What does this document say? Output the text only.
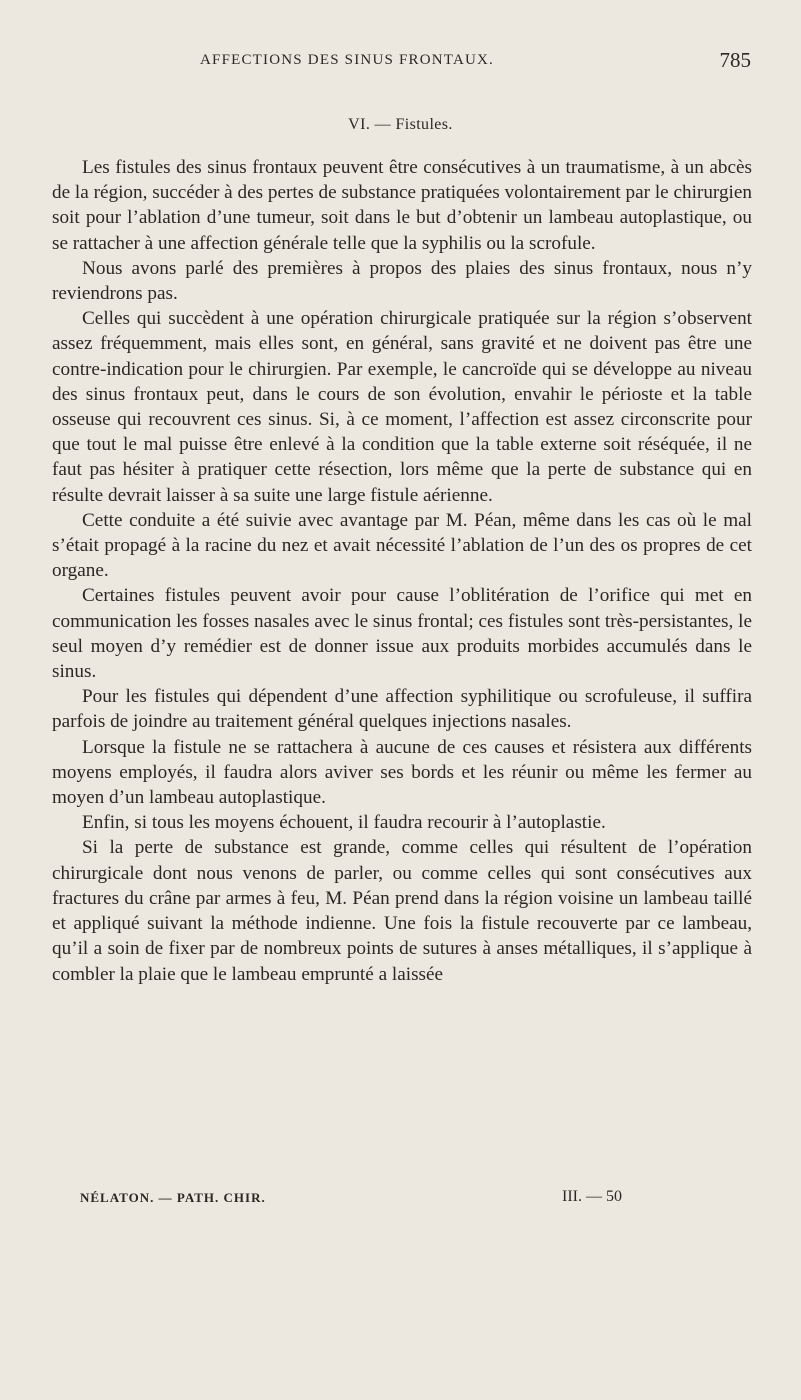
AFFECTIONS DES SINUS FRONTAUX.	785
VI. — Fistules.

Les fistules des sinus frontaux peuvent être consécutives à un traumatisme, à un abcès de la région, succéder à des pertes de substance pratiquées volontairement par le chirurgien soit pour l’ablation d’une tumeur, soit dans le but d’obtenir un lambeau autoplastique, ou se rattacher à une affection générale telle que la syphilis ou la scrofule.

Nous avons parlé des premières à propos des plaies des sinus frontaux, nous n’y reviendrons pas.

Celles qui succèdent à une opération chirurgicale pratiquée sur la région s’observent assez fréquemment, mais elles sont, en général, sans gravité et ne doivent pas être une contre-indication pour le chirurgien. Par exemple, le cancroïde qui se développe au niveau des sinus frontaux peut, dans le cours de son évolution, envahir le périoste et la table osseuse qui recouvrent ces sinus. Si, à ce moment, l’affection est assez circonscrite pour que tout le mal puisse être enlevé à la condition que la table externe soit réséquée, il ne faut pas hésiter à pratiquer cette résection, lors même que la perte de substance qui en résulte devrait laisser à sa suite une large fistule aérienne.

Cette conduite a été suivie avec avantage par M. Péan, même dans les cas où le mal s’était propagé à la racine du nez et avait nécessité l’ablation de l’un des os propres de cet organe.

Certaines fistules peuvent avoir pour cause l’oblitération de l’orifice qui met en communication les fosses nasales avec le sinus frontal; ces fistules sont très-persistantes, le seul moyen d’y remédier est de donner issue aux produits morbides accumulés dans le sinus.

Pour les fistules qui dépendent d’une affection syphilitique ou scrofuleuse, il suffira parfois de joindre au traitement général quelques injections nasales.

Lorsque la fistule ne se rattachera à aucune de ces causes et résistera aux différents moyens employés, il faudra alors aviver ses bords et les réunir ou même les fermer au moyen d’un lambeau autoplastique.

Enfin, si tous les moyens échouent, il faudra recourir à l’autoplastie.

Si la perte de substance est grande, comme celles qui résultent de l’opération chirurgicale dont nous venons de parler, ou comme celles qui sont consécutives aux fractures du crâne par armes à feu, M. Péan prend dans la région voisine un lambeau taillé et appliqué suivant la méthode indienne. Une fois la fistule recouverte par ce lambeau, qu’il a soin de fixer par de nombreux points de sutures à anses métalliques, il s’applique à combler la plaie que le lambeau emprunté a laissée

NÉLATON. — PATH. CHIR.	III. — 50
